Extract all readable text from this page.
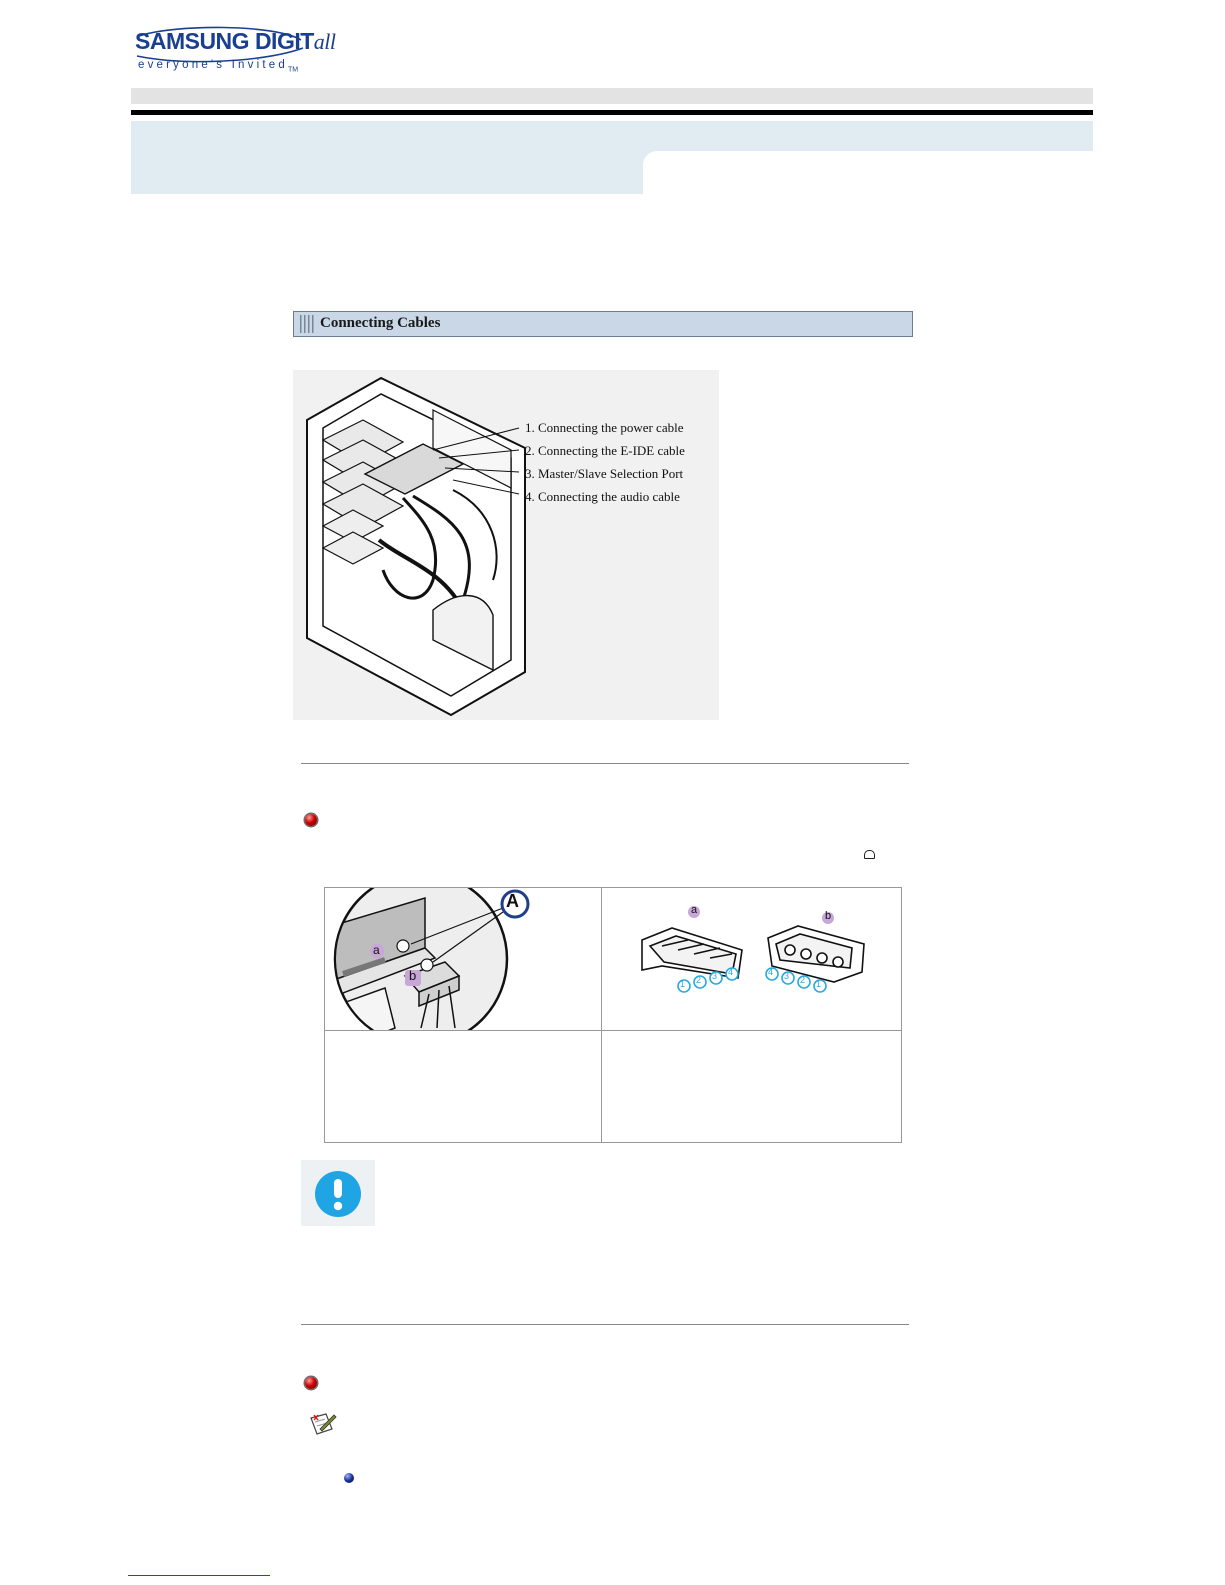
SAMSUNG DIGITall
everyone's Invited$_{TM}$
Connecting Cables
1. Connecting the power cable
2. Connecting the E-IDE cable
3. Master/Slave Selection Port
4. Connecting the audio cable
A
a
b
a	b
1 2 3 4	4 3 2 1
